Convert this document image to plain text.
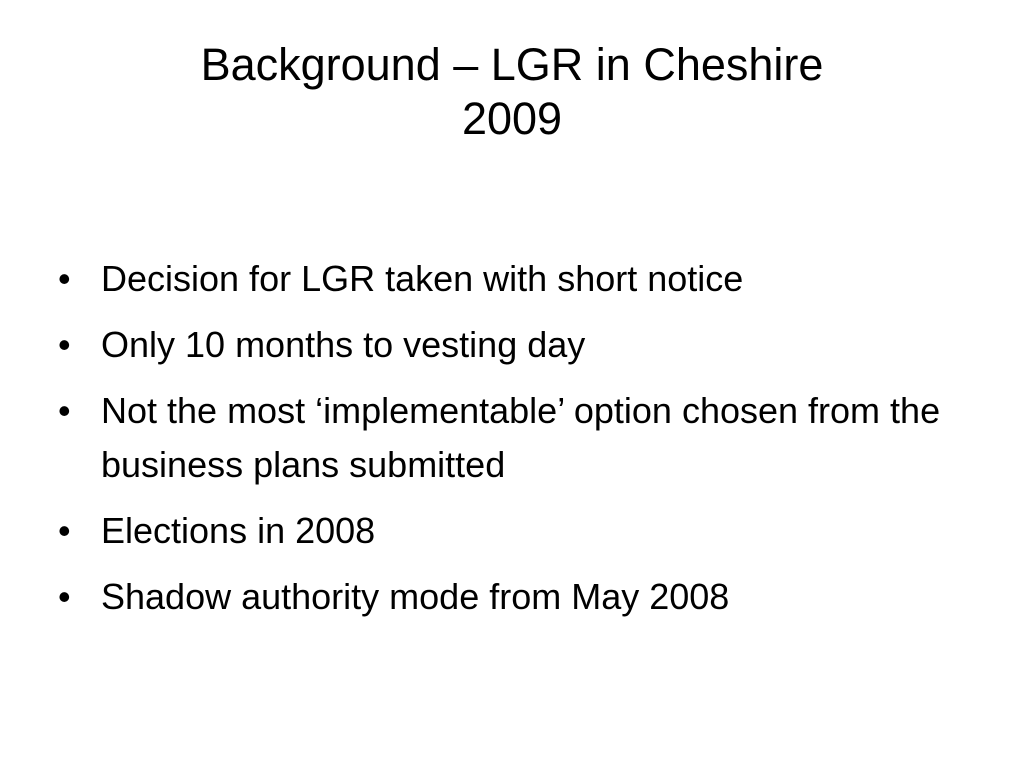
Background – LGR in Cheshire
2009
• Decision for LGR taken with short notice
• Only 10 months to vesting day
• Not the most ‘implementable’ option chosen from the business plans submitted
• Elections in 2008
• Shadow authority mode from May 2008
